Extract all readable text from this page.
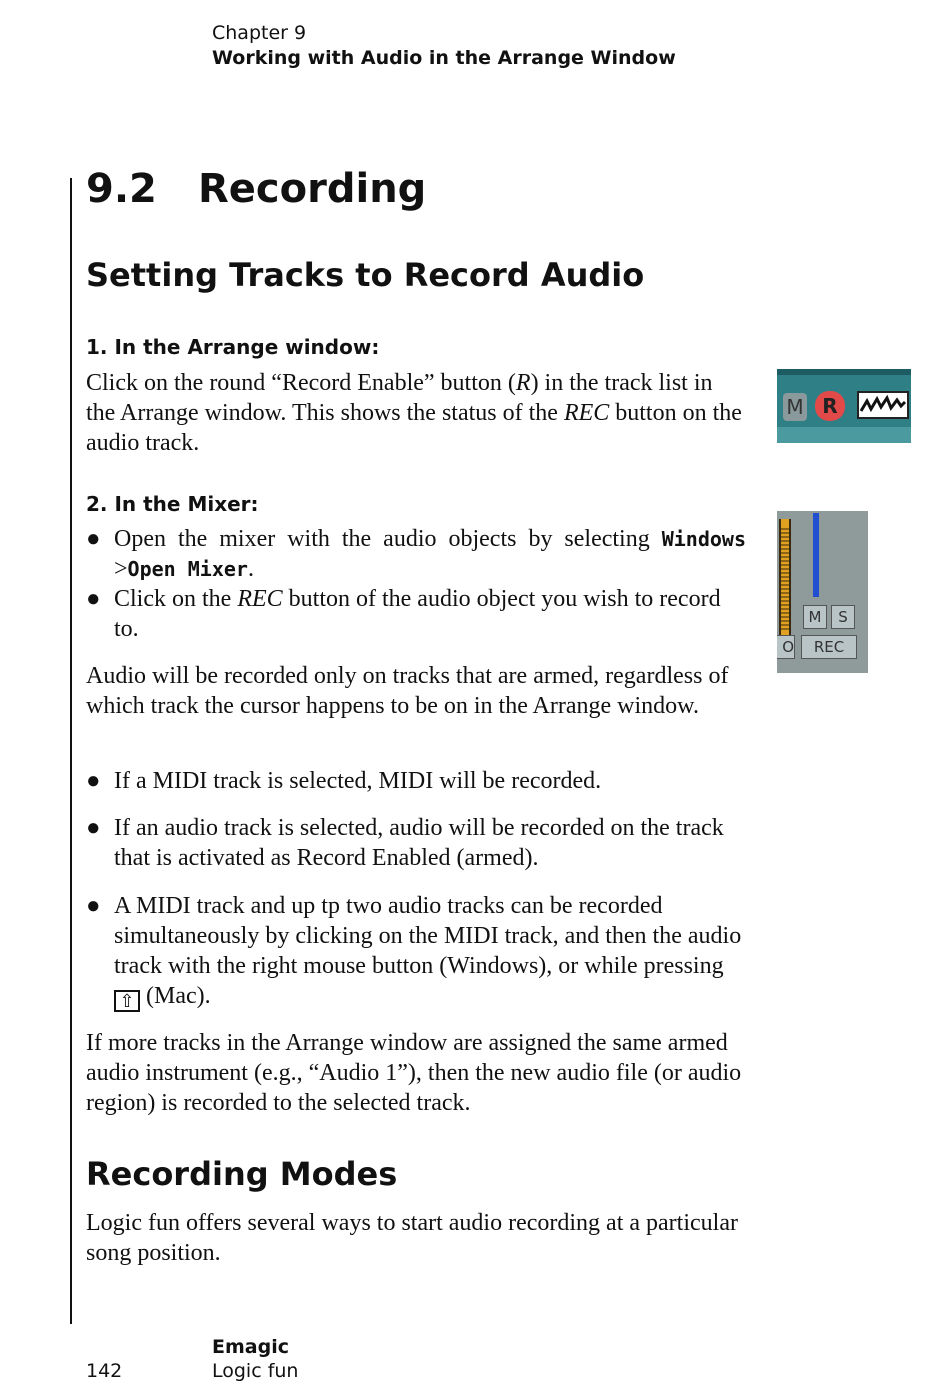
Chapter 9
Working with Audio in the Arrange Window
9.2 Recording
Setting Tracks to Record Audio
1. In the Arrange window:

Click on the round “Record Enable” button (R) in the track list in the Arrange window. This shows the status of the REC button on the audio track.

M R
2. In the Mixer:
● Open the mixer with the audio objects by selecting Windows >Open Mixer.
● Click on the REC button of the audio object you wish to record to.	M	S
O	REC

Audio will be recorded only on tracks that are armed, regardless of which track the cursor happens to be on in the Arrange window.

● If a MIDI track is selected, MIDI will be recorded.
● If an audio track is selected, audio will be recorded on the track that is activated as Record Enabled (armed).
● A MIDI track and up tp two audio tracks can be recorded simultaneously by clicking on the MIDI track, and then the audio track with the right mouse button (Windows), or while pressing ⇧ (Mac).

If more tracks in the Arrange window are assigned the same armed audio instrument (e.g., “Audio 1”), then the new audio file (or audio region) is recorded to the selected track.

Recording Modes

Logic fun offers several ways to start audio recording at a particular song position.

Emagic
142	Logic fun
